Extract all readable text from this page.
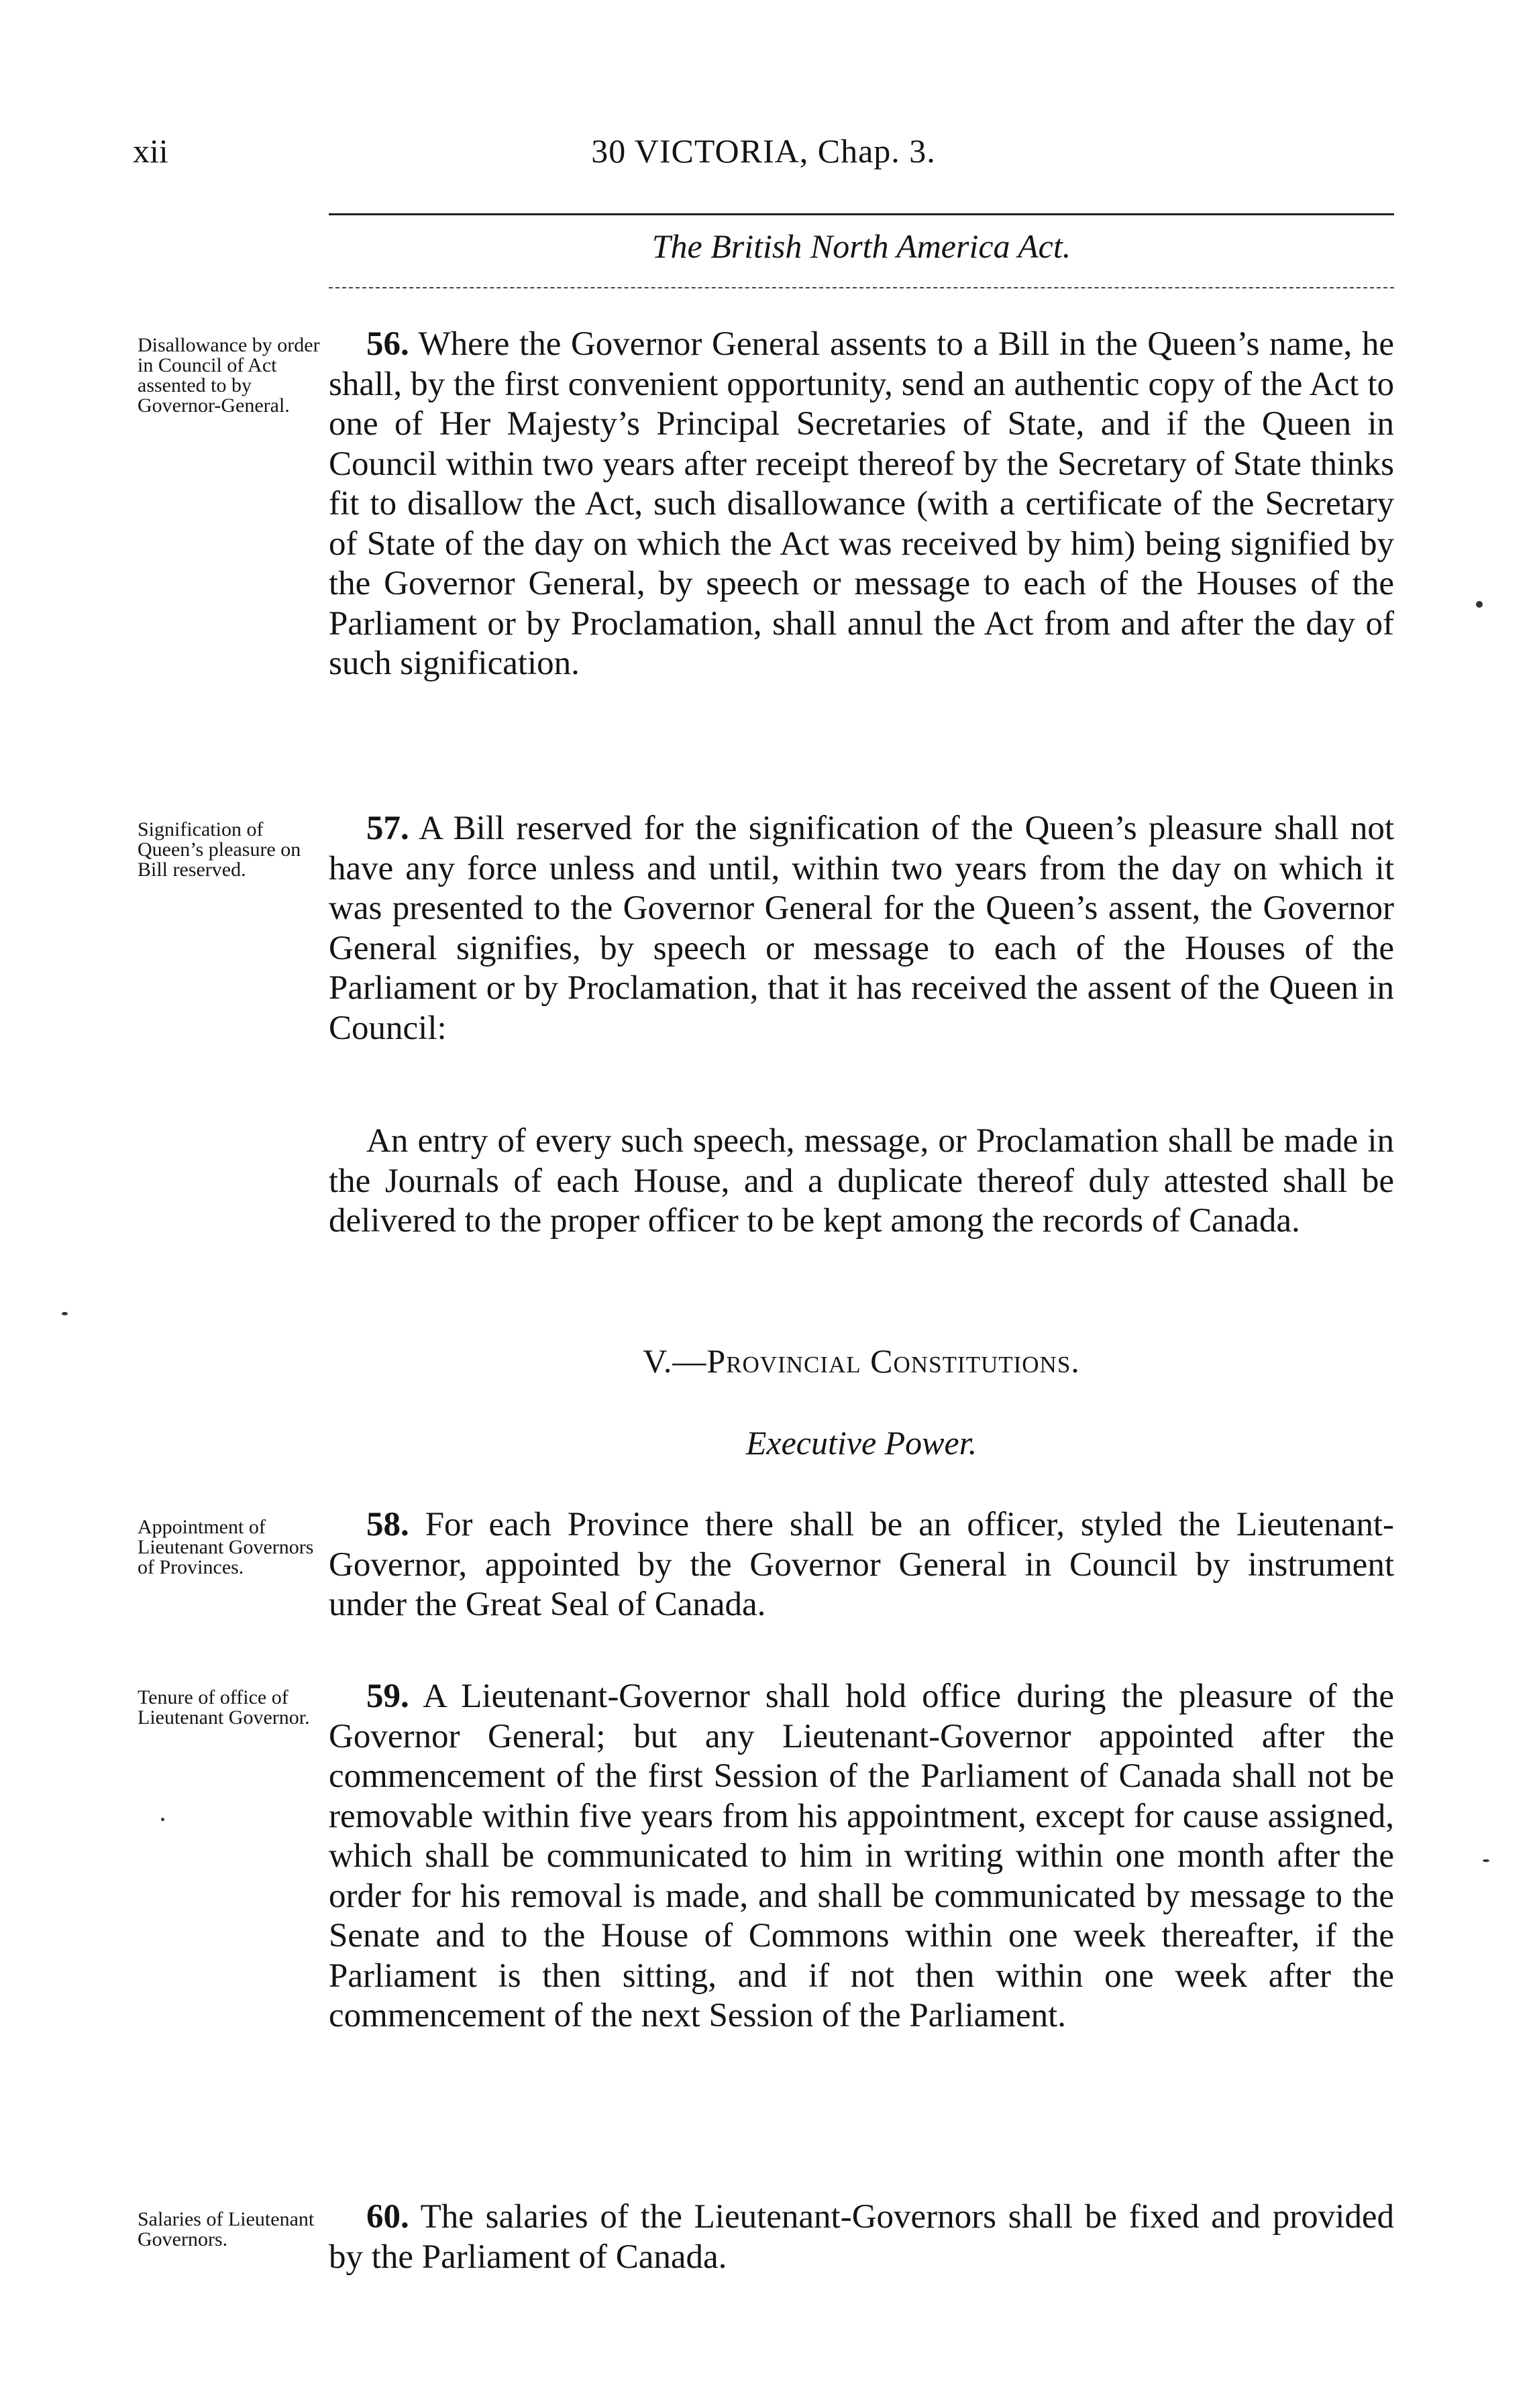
xii	30 VICTORIA, Chap. 3.
The British North America Act.
Disallowance by order in Council of Act assented to by Governor-General.
56. Where the Governor General assents to a Bill in the Queen’s name, he shall, by the first convenient opportunity, send an authentic copy of the Act to one of Her Majesty’s Principal Secretaries of State, and if the Queen in Council within two years after receipt thereof by the Secretary of State thinks fit to disallow the Act, such disallowance (with a certificate of the Secretary of State of the day on which the Act was received by him) being signified by the Governor General, by speech or message to each of the Houses of the Parliament or by Proclamation, shall annul the Act from and after the day of such signification.
Signification of Queen’s pleasure on Bill reserved.
57. A Bill reserved for the signification of the Queen’s pleasure shall not have any force unless and until, within two years from the day on which it was presented to the Governor General for the Queen’s assent, the Governor General signifies, by speech or message to each of the Houses of the Parliament or by Proclamation, that it has received the assent of the Queen in Council:
An entry of every such speech, message, or Proclamation shall be made in the Journals of each House, and a duplicate thereof duly attested shall be delivered to the proper officer to be kept among the records of Canada.
V.—Provincial Constitutions.
Executive Power.
Appointment of Lieutenant Governors of Provinces.
58. For each Province there shall be an officer, styled the Lieutenant-Governor, appointed by the Governor General in Council by instrument under the Great Seal of Canada.
Tenure of office of Lieutenant Governor.
59. A Lieutenant-Governor shall hold office during the pleasure of the Governor General; but any Lieutenant-Governor appointed after the commencement of the first Session of the Parliament of Canada shall not be removable within five years from his appointment, except for cause assigned, which shall be communicated to him in writing within one month after the order for his removal is made, and shall be communicated by message to the Senate and to the House of Commons within one week thereafter, if the Parliament is then sitting, and if not then within one week after the commencement of the next Session of the Parliament.
Salaries of Lieutenant Governors.
60. The salaries of the Lieutenant-Governors shall be fixed and provided by the Parliament of Canada.
